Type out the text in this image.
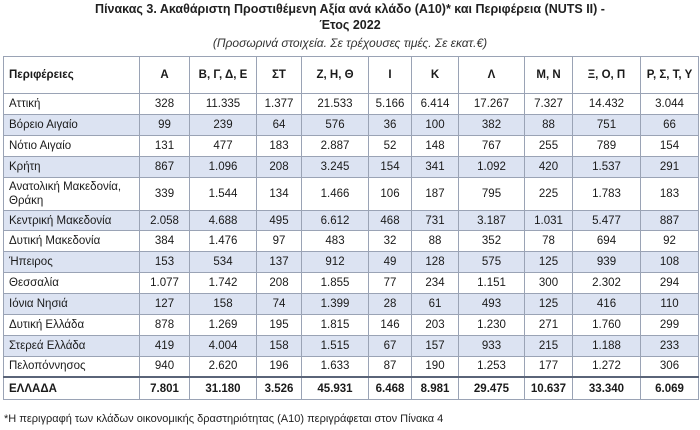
Πίνακας 3. Ακαθάριστη Προστιθέμενη Αξία ανά κλάδο (A10)* και Περιφέρεια (NUTS II) -
Έτος 2022
(Προσωρινά στοιχεία. Σε τρέχουσες τιμές. Σε εκατ.€)
Περιφέρειες	A	B, Γ, Δ, Ε	ΣΤ	Ζ, Η, Θ	Ι	Κ	Λ	Μ, Ν	Ξ, Ο, Π	Ρ, Σ, Τ, Υ
Αττική	328	11.335	1.377	21.533	5.166	6.414	17.267	7.327	14.432	3.044
Βόρειο Αιγαίο	99	239	64	576	36	100	382	88	751	66
Νότιο Αιγαίο	131	477	183	2.887	52	148	767	255	789	154
Κρήτη	867	1.096	208	3.245	154	341	1.092	420	1.537	291
Ανατολική Μακεδονία, Θράκη	339	1.544	134	1.466	106	187	795	225	1.783	183
Κεντρική Μακεδονία	2.058	4.688	495	6.612	468	731	3.187	1.031	5.477	887
Δυτική Μακεδονία	384	1.476	97	483	32	88	352	78	694	92
Ήπειρος	153	534	137	912	49	128	575	125	939	108
Θεσσαλία	1.077	1.742	208	1.855	77	234	1.151	300	2.302	294
Ιόνια Νησιά	127	158	74	1.399	28	61	493	125	416	110
Δυτική Ελλάδα	878	1.269	195	1.815	146	203	1.230	271	1.760	299
Στερεά Ελλάδα	419	4.004	158	1.515	67	157	933	215	1.188	233
Πελοπόννησος	940	2.620	196	1.633	87	190	1.253	177	1.272	306
ΕΛΛΑΔΑ	7.801	31.180	3.526	45.931	6.468	8.981	29.475	10.637	33.340	6.069
*Η περιγραφή των κλάδων οικονομικής δραστηριότητας (A10) περιγράφεται στον Πίνακα 4
